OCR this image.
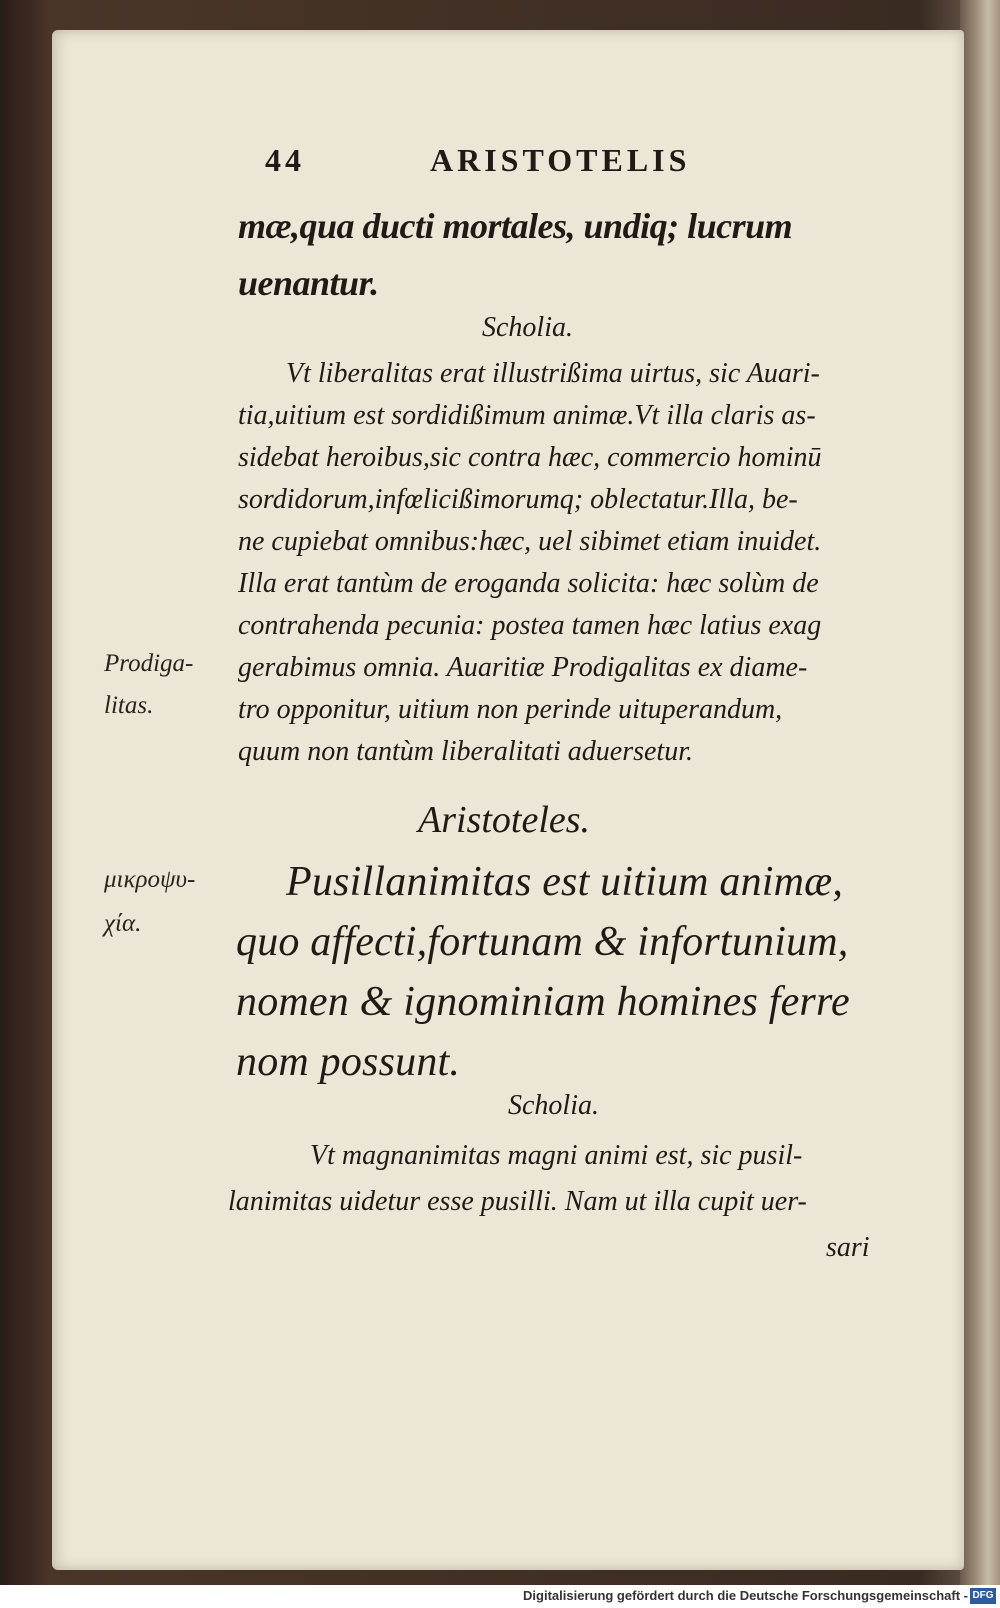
44	ARISTOTELIS
mæ,qua ducti mortales, undiq; lucrum
uenantur.
Scholia.
Vt liberalitas erat illustrißima uirtus, sic Auari-
tia,uitium est sordidißimum animæ.Vt illa claris as-
sidebat heroibus,sic contra hæc, commercio hominū
sordidorum,infœlicißimorumq; oblectatur.Illa, be-
ne cupiebat omnibus:hæc, uel sibimet etiam inuidet.
Illa erat tantùm de eroganda solicita: hæc solùm de
contrahenda pecunia: postea tamen hæc latius exag
gerabimus omnia. Auaritiæ Prodigalitas ex diame-
tro opponitur, uitium non perinde uituperandum,
quum non tantùm liberalitati aduersetur.
Prodiga-
litas.
Aristoteles.
μικροψυ-
χία.
Pusillanimitas est uitium animæ,
quo affecti,fortunam & infortunium,
nomen & ignominiam homines ferre
nom possunt.
Scholia.
Vt magnanimitas magni animi est, sic pusil-
lanimitas uidetur esse pusilli. Nam ut illa cupit uer-
sari
Digitalisierung gefördert durch die Deutsche Forschungsgemeinschaft - DFG
